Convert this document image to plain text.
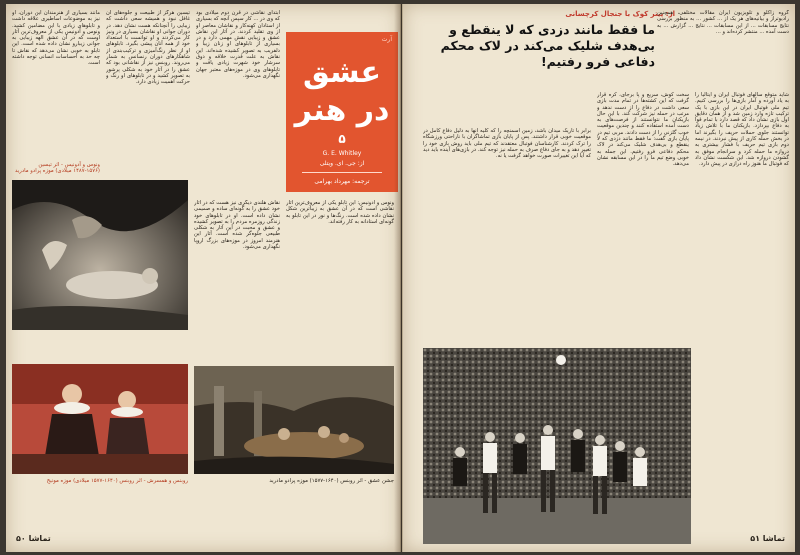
ابتدای نقاشی در قرن دوم میلادی بود که وی در ... کار سپس آنچه که بسیاری از استادان کهنه‌کار و نقاشان معاصر او از وی تقلید کردند. در آثار این نقاش عشق و زیبایی نقش مهمی دارد و در بسیاری از تابلوهای او زنان زیبا و دلفریب به تصویر کشیده شده‌اند. این نقاش به علت قدرت خلاقه و ذوق سرشار خود شهرت زیادی یافت و تابلوهای وی در موزه‌های معتبر جهان نگهداری می‌شود.

تیسین هرگز از طبیعت و جلوه‌های آن غافل نبود و همیشه سعی داشت که زیبایی را آنچنانکه هست نشان دهد. در دوران جوانی او نقاشان بسیاری در ونیز کار می‌کردند و او توانست با استعداد خود از همه آنان پیشی بگیرد. تابلوهای او از نظر رنگ‌آمیزی و ترکیب‌بندی از شاهکارهای دوران رنسانس به شمار می‌روند. روبنس نیز از نقاشانی بود که عشق را در آثار خود به شکلی پرشور به تصویر کشید و در تابلوهای او رنگ و حرکت اهمیت زیادی دارد.

مانند بسیاری از هنرمندان این دوران، او نیز به موضوعات اساطیری علاقه داشت و تابلوهای زیادی با این مضامین کشید. ونوس و آدونیس یکی از معروف‌ترین آثار اوست که در آن عشق الهه زیبایی به جوانی زیبارو نشان داده شده است. این تابلو به خوبی نشان می‌دهد که نقاش تا چه حد به احساسات انسانی توجه داشته است.

ونوس و آدونیس - اثر تیسین (۱۵۷۶-۱۴۸۷ میلادی) موزه پرادو مادرید
آرت
عشق
در هنر
۵
G. E. Whitley
از: جی. ای. ویتلی
ترجمه: مهرداد بهرامی

نقاش هلندی دیگری نیز هست که در آثار خود عشق را به گونه‌ای ساده و صمیمی نشان داده است. او در تابلوهای خود زندگی روزمره مردم را به تصویر کشیده و عشق و محبت در این آثار به شکلی طبیعی جلوه‌گر شده است. آثار این هنرمند امروز در موزه‌های بزرگ اروپا نگهداری می‌شود.

ونوس و آدونیس: این تابلو یکی از معروف‌ترین آثار نقاشی است که در آن عشق به زیباترین شکل نشان داده شده است. رنگ‌ها و نور در این تابلو به گونه‌ای استادانه به کار رفته‌اند.

روبنس و همسرش - اثر روبنس (۱۶۴۰-۱۵۷۷ میلادی) موزه مونیخ	جشن عشق - اثر روبنس (۱۶۴۰-۱۵۷۷) موزه پرادو مادرید
تماشا ۵۰
از: پیتر کوک با جنجال کرچسانی
ما فقط مانند دزدی که لا ینقطع و
بی‌هدف شلیک می‌کند در لاک محکم
دفاعی فرو رفتیم!

گروه زاکلو و تلویزیون ایران مقالات مختلفی، همچنین رادیوتراز و بیانیه‌های هر یک از ... کشور ... به منظور بررسی نتایج مسابقات ... از این مسابقات ... نتایج ... گزارش ... به دست آمده ... منتشر کرده‌اند و ...

شاید متوقع سالهای فوتبال ایران و ایتالیا را به یاد آورده و آمار بازی‌ها را بررسی کنیم. تیم ملی فوتبال ایران در این بازی با یک ترکیب تازه وارد زمین شد و از همان دقایق اول بازی نشان داد که قصد دارد با تمام قوا به دفاع بپردازد. بازیکنان ما با تلاش زیاد توانستند جلوی حملات حریف را بگیرند اما در بخش حمله کاری از پیش نبردند. در نیمه دوم بازی تیم حریف با فشار بیشتری به دروازه ما حمله کرد و سرانجام موفق به گشودن دروازه شد. این شکست نشان داد که فوتبال ما هنوز راه درازی در پیش دارد.

سخت کوش، سریع و پا برجای، کره قرار گرفت که این کشته‌ها در تمام مدت بازی سعی داشت در دفاع را از دست ندهد و مرتب در حمله نیز شرکت کند. با این حال بازیکنان ما نتوانستند از فرصت‌های به دست آمده استفاده کنند و چندین موقعیت خوب گلزنی را از دست دادند. مربی تیم در پایان بازی گفت: ما فقط مانند دزدی که لا ینقطع و بی‌هدف شلیک می‌کند در لاک محکم دفاعی فرو رفتیم. این جمله به خوبی وضع تیم ما را در این مسابقه نشان می‌دهد.

برابر با تاریک میدان باشد، زمین اسمنچه را که کلیه آنها به دلیل دفاع کامل در موقعیت خوبی قرار داشتند. پس از پایان بازی تماشاگران با ناراحتی ورزشگاه را ترک کردند. کارشناسان فوتبال معتقدند که تیم ملی باید روش بازی خود را تغییر دهد و به جای دفاع صرف به حمله نیز توجه کند. در بازی‌های آینده باید دید که آیا این تغییرات صورت خواهد گرفت یا نه.

۵۱ تماشا
